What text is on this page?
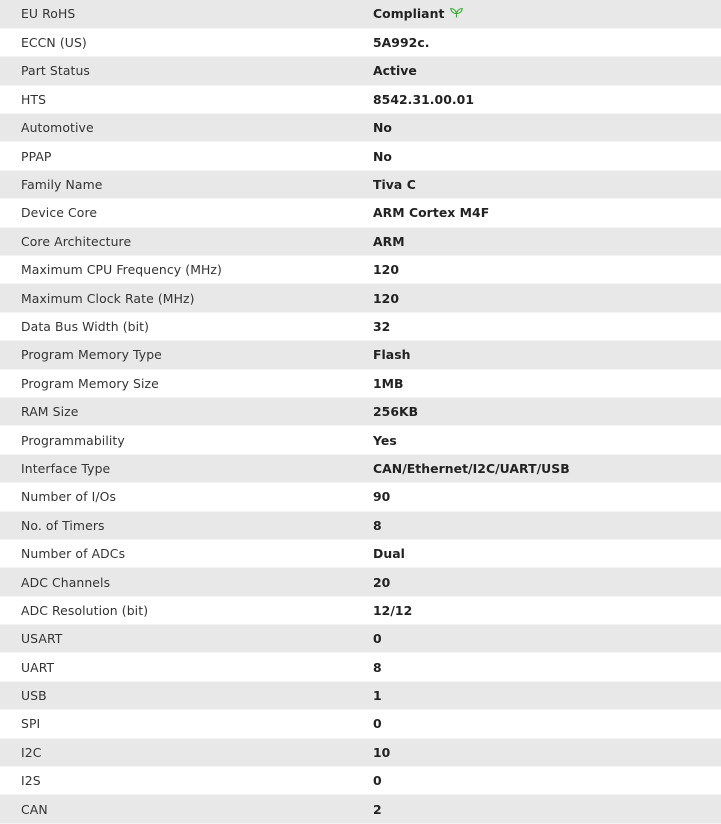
EU RoHS	Compliant
ECCN (US)	5A992c.
Part Status	Active
HTS	8542.31.00.01
Automotive	No
PPAP	No
Family Name	Tiva C
Device Core	ARM Cortex M4F
Core Architecture	ARM
Maximum CPU Frequency (MHz)	120
Maximum Clock Rate (MHz)	120
Data Bus Width (bit)	32
Program Memory Type	Flash
Program Memory Size	1MB
RAM Size	256KB
Programmability	Yes
Interface Type	CAN/Ethernet/I2C/UART/USB
Number of I/Os	90
No. of Timers	8
Number of ADCs	Dual
ADC Channels	20
ADC Resolution (bit)	12/12
USART	0
UART	8
USB	1
SPI	0
I2C	10
I2S	0
CAN	2
